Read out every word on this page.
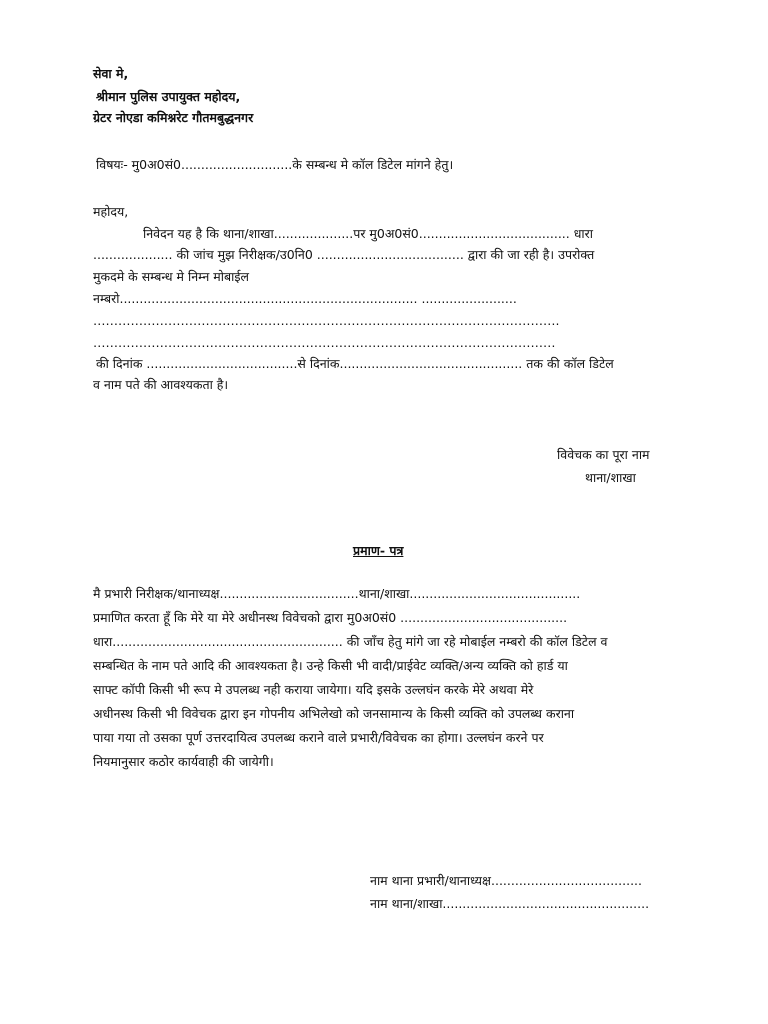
सेवा मे,
श्रीमान पुलिस उपायुक्त महोदय,
ग्रेटर नोएडा कमिश्नरेट गौतमबुद्धनगर
विषयः- मु0अ0सं0............................के सम्बन्ध मे कॉल डिटेल मांगने हेतु।
महोदय,
निवेदन यह है कि थाना/शाखा....................पर मु0अ0सं0...................................... धारा
.................... की जांच मुझ निरीक्षक/उ0नि0 ..................................... द्वारा की जा रही है। उपरोक्त
मुकदमे के सम्बन्ध मे निम्न मोबाईल
नम्बरो........................................................................... ........................
………………………………………………………………………………………………….
…………………………………………………………………………………………………
की दिनांक ......................................से दिनांक.............................................. तक की कॉल डिटेल
व नाम पते की आवश्यकता है।
विवेचक का पूरा नाम
थाना/शाखा
प्रमाण- पत्र
मै प्रभारी निरीक्षक/थानाध्यक्ष...................................थाना/शाखा...........................................
प्रमाणित करता हूँ कि मेरे या मेरे अधीनस्थ विवेचको द्वारा मु0अ0सं0 ..........................................
धारा.......................................................... की जाँच हेतु मांगे जा रहे मोबाईल नम्बरो की कॉल डिटेल व
सम्बन्धित के नाम पते आदि की आवश्यकता है। उन्हे किसी भी वादी/प्राईवेट व्यक्ति/अन्य व्यक्ति को हार्ड या
साफ्ट कॉपी किसी भी रूप मे उपलब्ध नही कराया जायेगा। यदि इसके उल्लघंन करके मेरे अथवा मेरे
अधीनस्थ किसी भी विवेचक द्वारा इन गोपनीय अभिलेखो को जनसामान्य के किसी व्यक्ति को उपलब्ध कराना
पाया गया तो उसका पूर्ण उत्तरदायित्व उपलब्ध कराने वाले प्रभारी/विवेचक का होगा। उल्लघंन करने पर
नियमानुसार कठोर कार्यवाही की जायेगी।
नाम थाना प्रभारी/थानाध्यक्ष......................................
नाम थाना/शाखा....................................................
